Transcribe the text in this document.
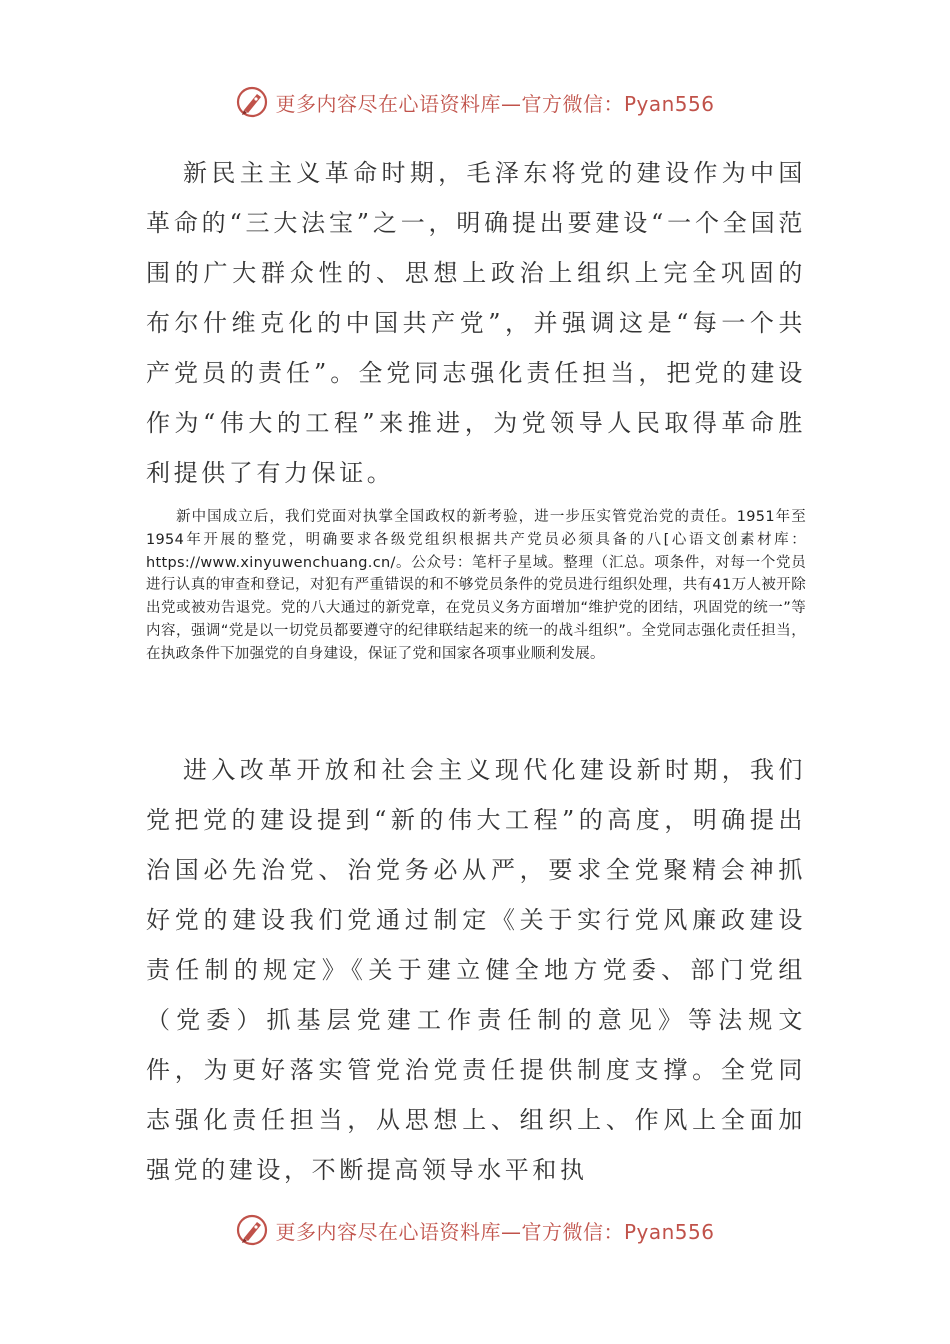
更多内容尽在心语资料库—官方微信：Pyan556

新民主主义革命时期，毛泽东将党的建设作为中国革命的“三大法宝”之一，明确提出要建设“一个全国范围的广大群众性的、思想上政治上组织上完全巩固的布尔什维克化的中国共产党”，并强调这是“每一个共产党员的责任”。全党同志强化责任担当，把党的建设作为“伟大的工程”来推进，为党领导人民取得革命胜利提供了有力保证。

新中国成立后，我们党面对执掌全国政权的新考验，进一步压实管党治党的责任。1951年至1954年开展的整党，明确要求各级党组织根据共产党员必须具备的八[心语文创素材库：https://www.xinyuwenchuang.cn/。公众号：笔杆子星域。整理（汇总。项条件，对每一个党员进行认真的审查和登记，对犯有严重错误的和不够党员条件的党员进行组织处理，共有41万人被开除出党或被劝告退党。党的八大通过的新党章，在党员义务方面增加“维护党的团结，巩固党的统一”等内容，强调“党是以一切党员都要遵守的纪律联结起来的统一的战斗组织”。全党同志强化责任担当，在执政条件下加强党的自身建设，保证了党和国家各项事业顺利发展。

进入改革开放和社会主义现代化建设新时期，我们党把党的建设提到“新的伟大工程”的高度，明确提出治国必先治党、治党务必从严，要求全党聚精会神抓好党的建设我们党通过制定《关于实行党风廉政建设责任制的规定》《关于建立健全地方党委、部门党组（党委）抓基层党建工作责任制的意见》等法规文件，为更好落实管党治党责任提供制度支撑。全党同志强化责任担当，从思想上、组织上、作风上全面加强党的建设，不断提高领导水平和执

更多内容尽在心语资料库—官方微信：Pyan556
